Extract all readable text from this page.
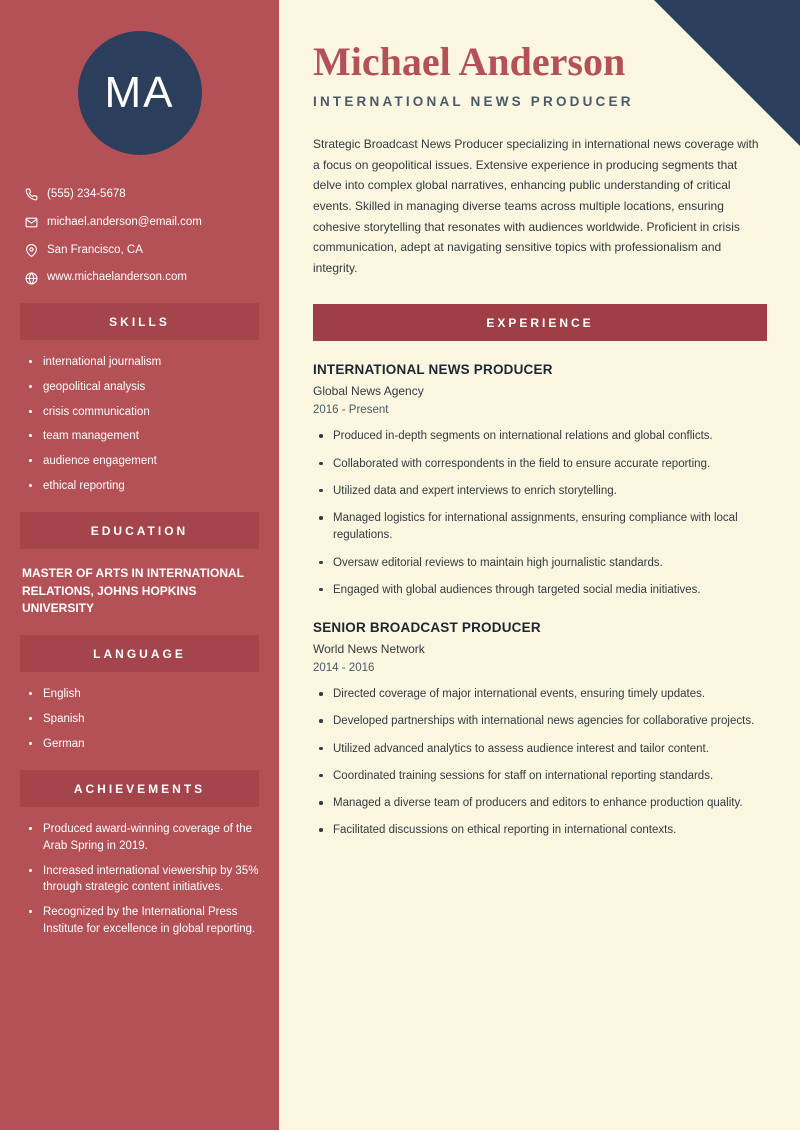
MA
(555) 234-5678
michael.anderson@email.com
San Francisco, CA
www.michaelanderson.com
SKILLS
international journalism
geopolitical analysis
crisis communication
team management
audience engagement
ethical reporting
EDUCATION
MASTER OF ARTS IN INTERNATIONAL RELATIONS, JOHNS HOPKINS UNIVERSITY
LANGUAGE
English
Spanish
German
ACHIEVEMENTS
Produced award-winning coverage of the Arab Spring in 2019.
Increased international viewership by 35% through strategic content initiatives.
Recognized by the International Press Institute for excellence in global reporting.
Michael Anderson
INTERNATIONAL NEWS PRODUCER

Strategic Broadcast News Producer specializing in international news coverage with a focus on geopolitical issues. Extensive experience in producing segments that delve into complex global narratives, enhancing public understanding of critical events. Skilled in managing diverse teams across multiple locations, ensuring cohesive storytelling that resonates with audiences worldwide. Proficient in crisis communication, adept at navigating sensitive topics with professionalism and integrity.

EXPERIENCE
INTERNATIONAL NEWS PRODUCER
Global News Agency
2016 - Present
Produced in-depth segments on international relations and global conflicts.
Collaborated with correspondents in the field to ensure accurate reporting.
Utilized data and expert interviews to enrich storytelling.
Managed logistics for international assignments, ensuring compliance with local regulations.
Oversaw editorial reviews to maintain high journalistic standards.
Engaged with global audiences through targeted social media initiatives.
SENIOR BROADCAST PRODUCER
World News Network
2014 - 2016
Directed coverage of major international events, ensuring timely updates.
Developed partnerships with international news agencies for collaborative projects.
Utilized advanced analytics to assess audience interest and tailor content.
Coordinated training sessions for staff on international reporting standards.
Managed a diverse team of producers and editors to enhance production quality.
Facilitated discussions on ethical reporting in international contexts.
